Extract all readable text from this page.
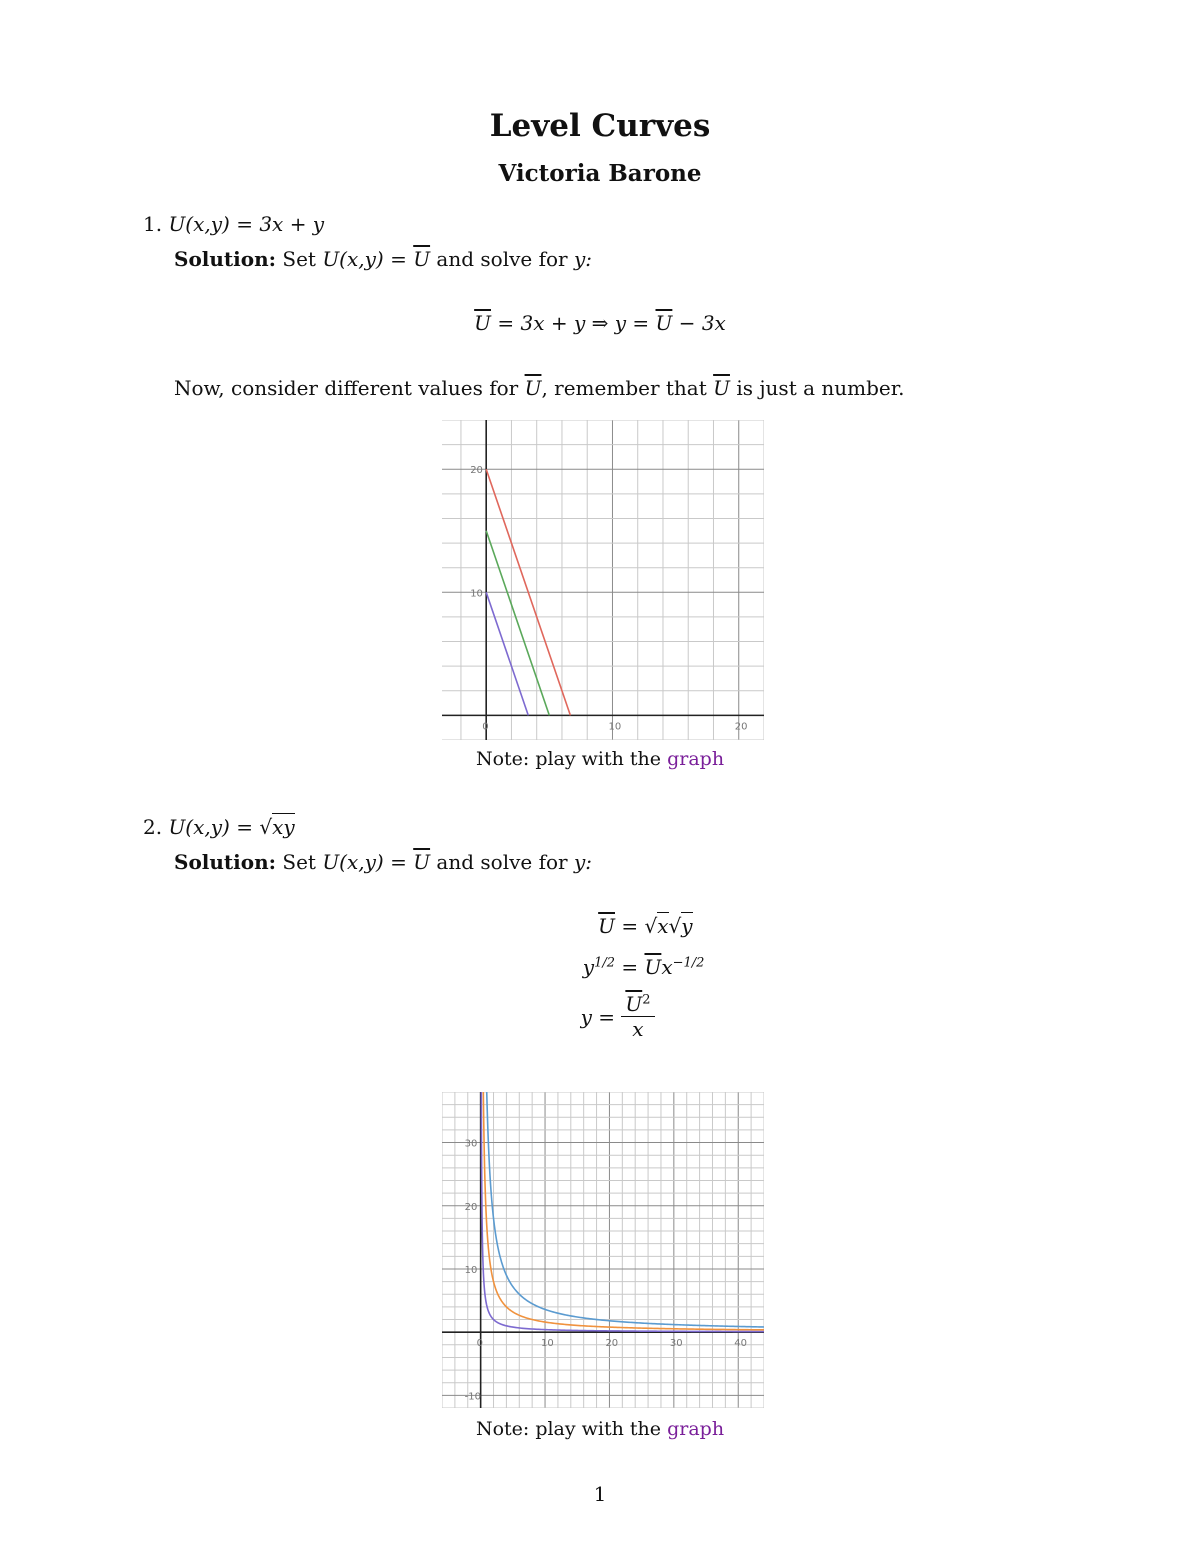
Level Curves
Victoria Barone
1. U(x,y) = 3x + y
Solution: Set $U(x,y) = \overline{U}$ and solve for y:
$\overline{U} = 3x + y$ ⇒ $y = \overline{U} - 3x$
Now, consider different values for $\overline{U}$, remember that $\overline{U}$ is just a number.
0	10	20
20
10
Note: play with the graph
2. U(x,y) = √xy
Solution: Set $U(x,y) = \overline{U}$ and solve for y:
$\overline{U} = √x√y$
$y^{1/2} = \overline{U}x^{-1/2}$
$y = \frac{\overline{U}^2}{x}$
0	10	20	30	40
30
20
10
-10
Note: play with the graph
1
